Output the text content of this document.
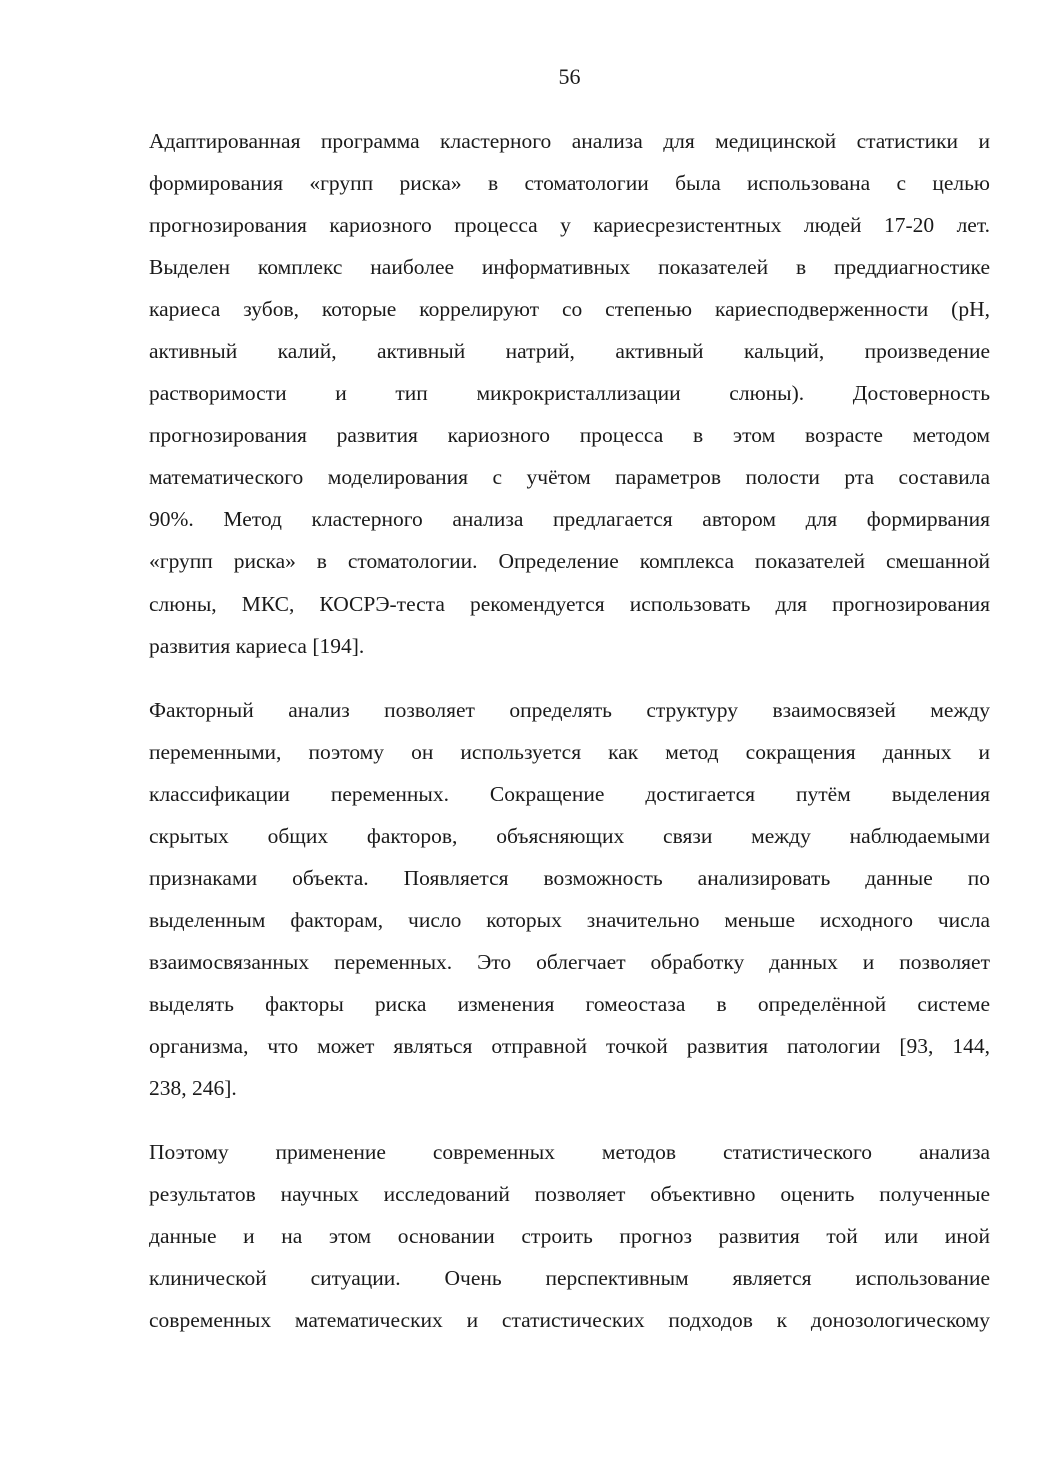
56

Адаптированная программа кластерного анализа для медицинской статистики и
формирования «групп риска» в стоматологии была использована с целью
прогнозирования кариозного процесса у кариесрезистентных людей 17-20 лет.
Выделен комплекс наиболее информативных показателей в преддиагностике
кариеса зубов, которые коррелируют со степенью кариесподверженности (рН,
активный калий, активный натрий, активный кальций, произведение
растворимости и тип микрокристаллизации слюны). Достоверность
прогнозирования развития кариозного процесса в этом возрасте методом
математического моделирования с учётом параметров полости рта составила
90%. Метод кластерного анализа предлагается автором для формирвания
«групп риска» в стоматологии. Определение комплекса показателей смешанной
слюны, МКС, КОСРЭ-теста рекомендуется использовать для прогнозирования
развития кариеса [194].

Факторный анализ позволяет определять структуру взаимосвязей между
переменными, поэтому он используется как метод сокращения данных и
классификации переменных. Сокращение достигается путём выделения
скрытых общих факторов, объясняющих связи между наблюдаемыми
признаками объекта. Появляется возможность анализировать данные по
выделенным факторам, число которых значительно меньше исходного числа
взаимосвязанных переменных. Это облегчает обработку данных и позволяет
выделять факторы риска изменения гомеостаза в определённой системе
организма, что может являться отправной точкой развития патологии [93, 144,
238, 246].

Поэтому применение современных методов статистического анализа
результатов научных исследований позволяет объективно оценить полученные
данные и на этом основании строить прогноз развития той или иной
клинической ситуации. Очень перспективным является использование
современных математических и статистических подходов к донозологическому
